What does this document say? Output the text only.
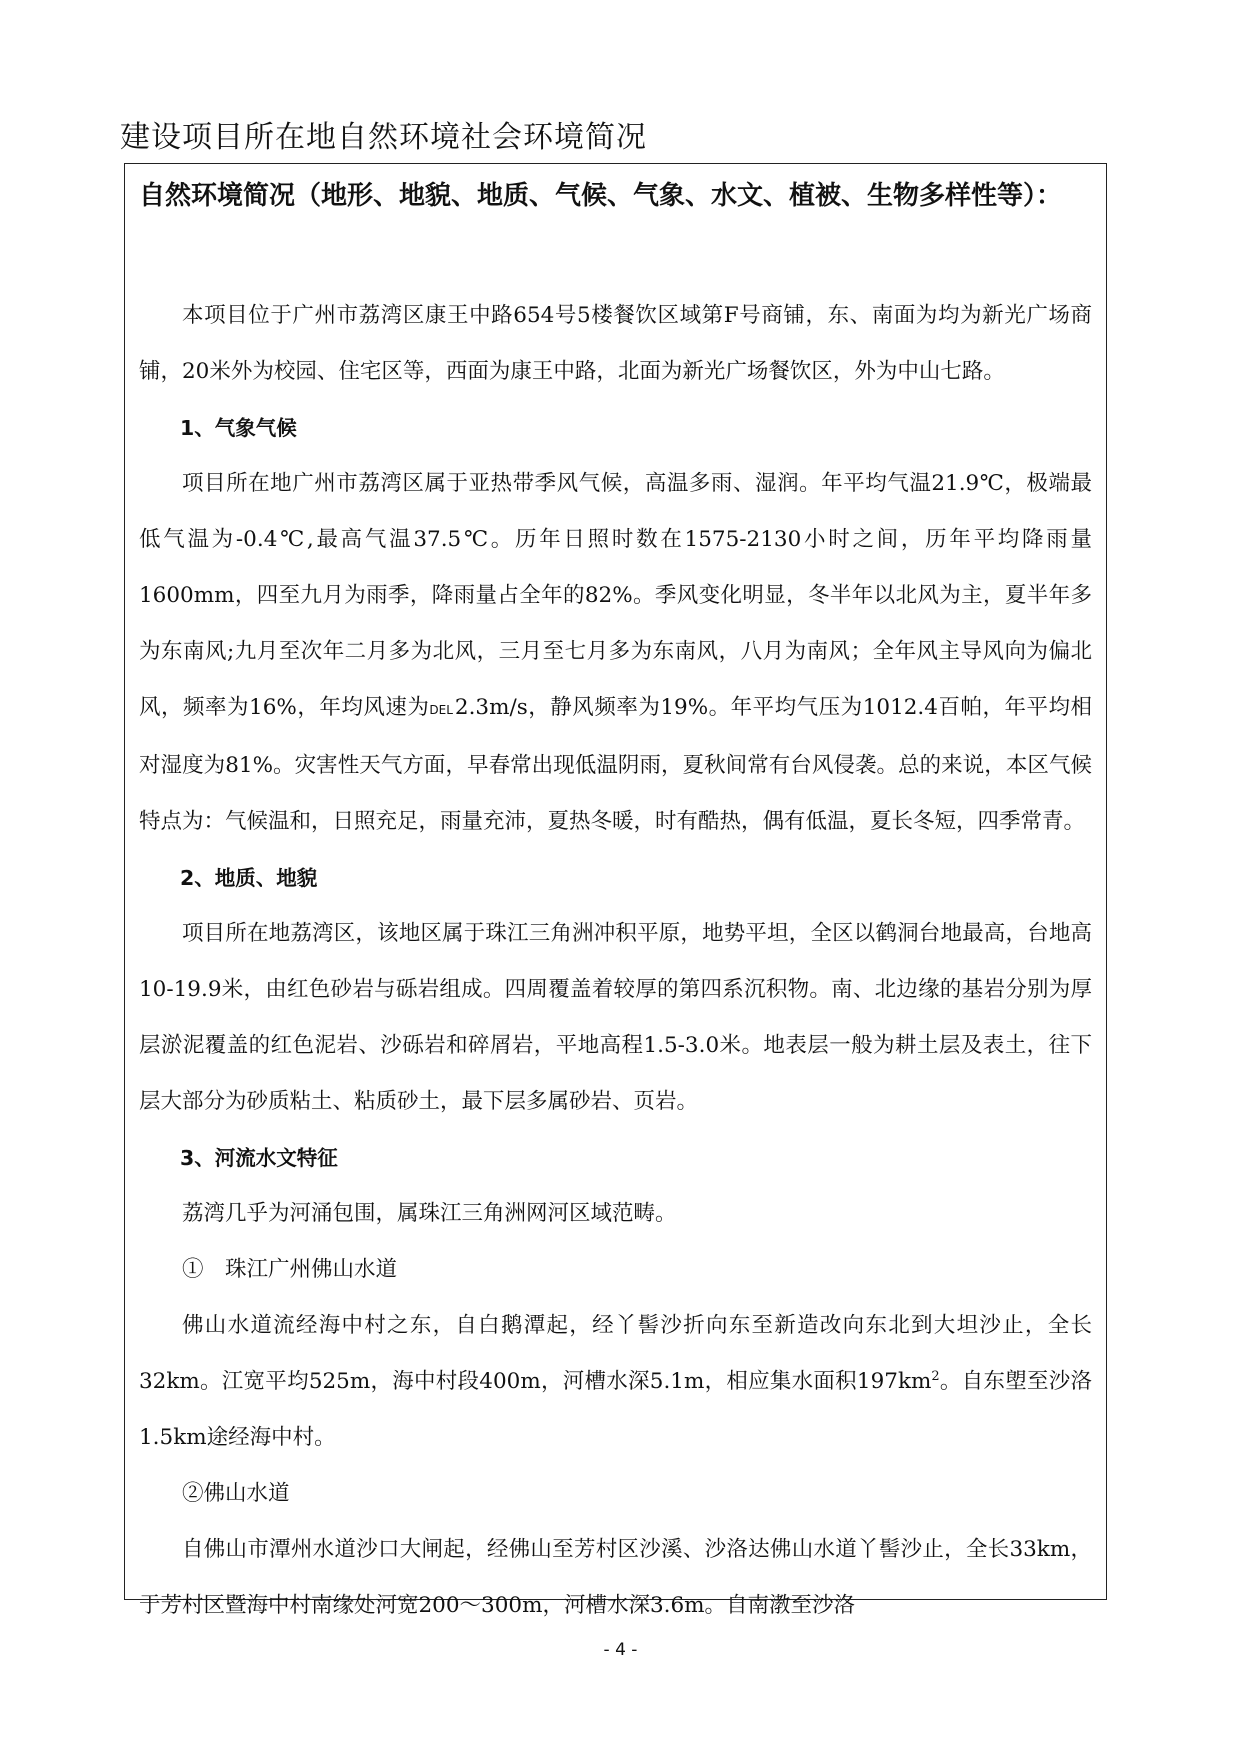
建设项目所在地自然环境社会环境简况
自然环境简况（地形、地貌、地质、气候、气象、水文、植被、生物多样性等）：

本项目位于广州市荔湾区康王中路654号5楼餐饮区域第F号商铺，东、南面为均为新光广场商铺，20米外为校园、住宅区等，西面为康王中路，北面为新光广场餐饮区，外为中山七路。

1、气象气候

项目所在地广州市荔湾区属于亚热带季风气候，高温多雨、湿润。年平均气温21.9℃，极端最低气温为-0.4℃,最高气温37.5℃。历年日照时数在1575-2130小时之间，历年平均降雨量1600mm，四至九月为雨季，降雨量占全年的82%。季风变化明显，冬半年以北风为主，夏半年多为东南风;九月至次年二月多为北风，三月至七月多为东南风，八月为南风；全年风主导风向为偏北风，频率为16%，年均风速为DEL2.3m/s，静风频率为19%。年平均气压为1012.4百帕，年平均相对湿度为81%。灾害性天气方面，早春常出现低温阴雨，夏秋间常有台风侵袭。总的来说，本区气候特点为：气候温和，日照充足，雨量充沛，夏热冬暖，时有酷热，偶有低温，夏长冬短，四季常青。

2、地质、地貌

项目所在地荔湾区，该地区属于珠江三角洲冲积平原，地势平坦，全区以鹤洞台地最高，台地高10-19.9米，由红色砂岩与砾岩组成。四周覆盖着较厚的第四系沉积物。南、北边缘的基岩分别为厚层淤泥覆盖的红色泥岩、沙砾岩和碎屑岩，平地高程1.5-3.0米。地表层一般为耕土层及表土，往下层大部分为砂质粘土、粘质砂土，最下层多属砂岩、页岩。

3、河流水文特征

荔湾几乎为河涌包围，属珠江三角洲网河区域范畴。

①　珠江广州佛山水道

佛山水道流经海中村之东，自白鹅潭起，经丫髻沙折向东至新造改向东北到大坦沙止，全长32km。江宽平均525m，海中村段400m，河槽水深5.1m，相应集水面积$197km^2$。自东塱至沙洛1.5km途经海中村。

②佛山水道

自佛山市潭州水道沙口大闸起，经佛山至芳村区沙溪、沙洛达佛山水道丫髻沙止，全长33km，于芳村区暨海中村南缘处河宽200～300m，河槽水深3.6m。自南漖至沙洛

- 4 -
